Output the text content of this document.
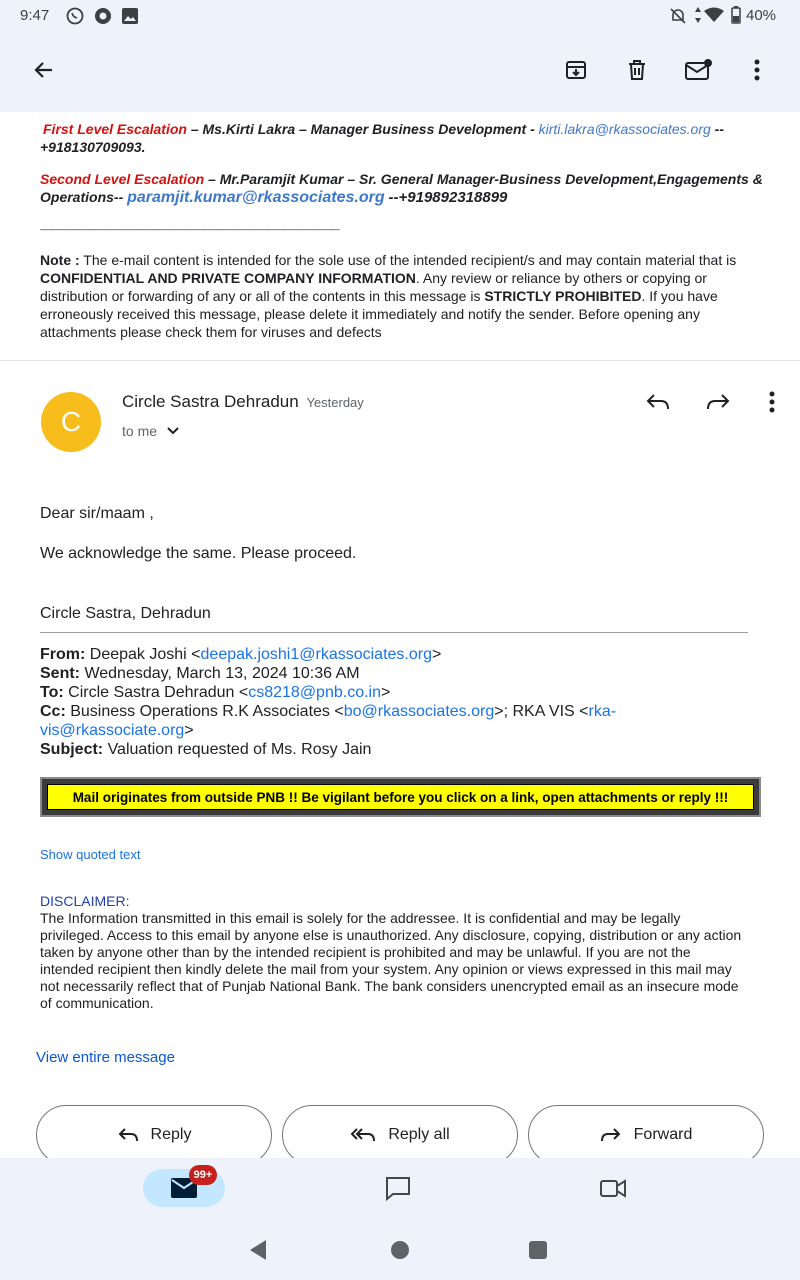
9:47	40%
First Level Escalation – Ms.Kirti Lakra – Manager Business Development - kirti.lakra@rkassociates.org --
+918130709093.
Second Level Escalation – Mr.Paramjit Kumar – Sr. General Manager-Business Development,Engagements &
Operations-- paramjit.kumar@rkassociates.org --+919892318899
-------------------------------------------------------------------------------------------------------------------------------------------------
Note : The e-mail content is intended for the sole use of the intended recipient/s and may contain material that is
CONFIDENTIAL AND PRIVATE COMPANY INFORMATION. Any review or reliance by others or copying or
distribution or forwarding of any or all of the contents in this message is STRICTLY PROHIBITED. If you have
erroneously received this message, please delete it immediately and notify the sender. Before opening any
attachments please check them for viruses and defects
C
Circle Sastra Dehradun Yesterday
to me
Dear sir/maam ,
We acknowledge the same. Please proceed.
Circle Sastra, Dehradun
From: Deepak Joshi <deepak.joshi1@rkassociates.org>
Sent: Wednesday, March 13, 2024 10:36 AM
To: Circle Sastra Dehradun <cs8218@pnb.co.in>
Cc: Business Operations R.K Associates <bo@rkassociates.org>; RKA VIS <rka-
vis@rkassociate.org>
Subject: Valuation requested of Ms. Rosy Jain
Mail originates from outside PNB !! Be vigilant before you click on a link, open attachments or reply !!!
Show quoted text
DISCLAIMER:
The Information transmitted in this email is solely for the addressee. It is confidential and may be legally
privileged. Access to this email by anyone else is unauthorized. Any disclosure, copying, distribution or any action
taken by anyone other than by the intended recipient is prohibited and may be unlawful. If you are not the
intended recipient then kindly delete the mail from your system. Any opinion or views expressed in this mail may
not necessarily reflect that of Punjab National Bank. The bank considers unencrypted email as an insecure mode
of communication.
View entire message
Reply	Reply all	Forward
99+
